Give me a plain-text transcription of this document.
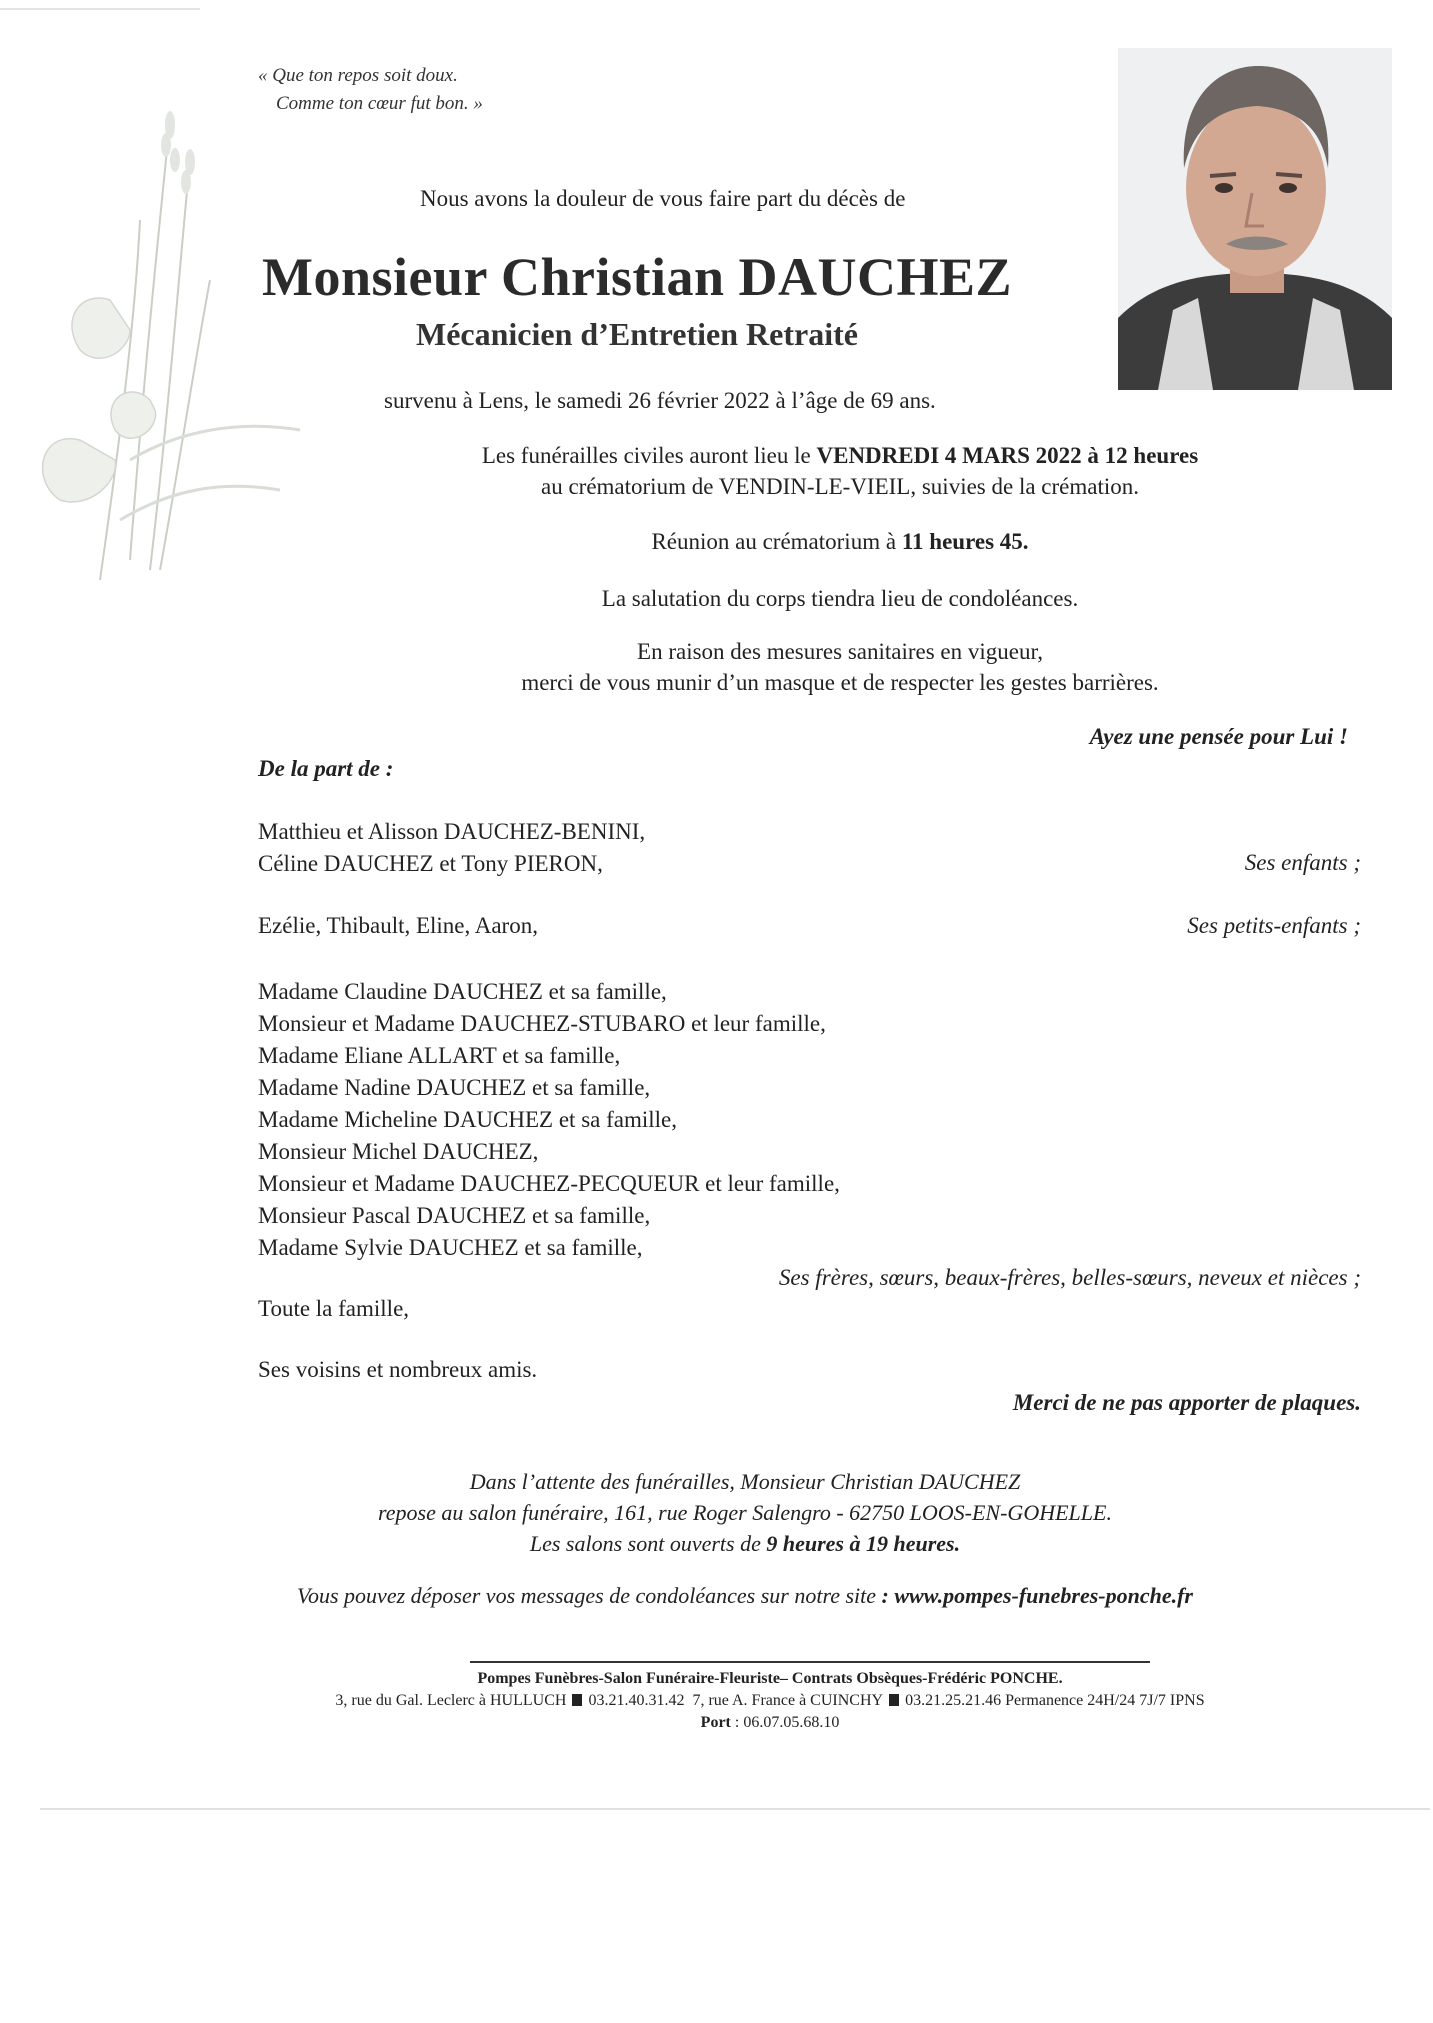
« Que ton repos soit doux.
Comme ton cœur fut bon. »
Nous avons la douleur de vous faire part du décès de
Monsieur Christian DAUCHEZ
Mécanicien d’Entretien Retraité
survenu à Lens, le samedi 26 février 2022 à l’âge de 69 ans.
Les funérailles civiles auront lieu le VENDREDI 4 MARS 2022 à 12 heures
au crématorium de VENDIN-LE-VIEIL, suivies de la crémation.
Réunion au crématorium à 11 heures 45.
La salutation du corps tiendra lieu de condoléances.
En raison des mesures sanitaires en vigueur,
merci de vous munir d’un masque et de respecter les gestes barrières.
Ayez une pensée pour Lui !
De la part de :
Matthieu et Alisson DAUCHEZ-BENINI,
Céline DAUCHEZ et Tony PIERON,	Ses enfants ;
Ezélie, Thibault, Eline, Aaron,	Ses petits-enfants ;
Madame Claudine DAUCHEZ et sa famille,
Monsieur et Madame DAUCHEZ-STUBARO et leur famille,
Madame Eliane ALLART et sa famille,
Madame Nadine DAUCHEZ et sa famille,
Madame Micheline DAUCHEZ et sa famille,
Monsieur Michel DAUCHEZ,
Monsieur et Madame DAUCHEZ-PECQUEUR et leur famille,
Monsieur Pascal DAUCHEZ et sa famille,
Madame Sylvie DAUCHEZ et sa famille,
Ses frères, sœurs, beaux-frères, belles-sœurs, neveux et nièces ;
Toute la famille,
Ses voisins et nombreux amis.
Merci de ne pas apporter de plaques.
Dans l’attente des funérailles, Monsieur Christian DAUCHEZ
repose au salon funéraire, 161, rue Roger Salengro - 62750 LOOS-EN-GOHELLE.
Les salons sont ouverts de 9 heures à 19 heures.
Vous pouvez déposer vos messages de condoléances sur notre site : www.pompes-funebres-ponche.fr
Pompes Funèbres-Salon Funéraire-Fleuriste– Contrats Obsèques-Frédéric PONCHE.
3, rue du Gal. Leclerc à HULLUCH 03.21.40.31.42 7, rue A. France à CUINCHY 03.21.25.21.46 Permanence 24H/24 7J/7 IPNS
Port : 06.07.05.68.10
